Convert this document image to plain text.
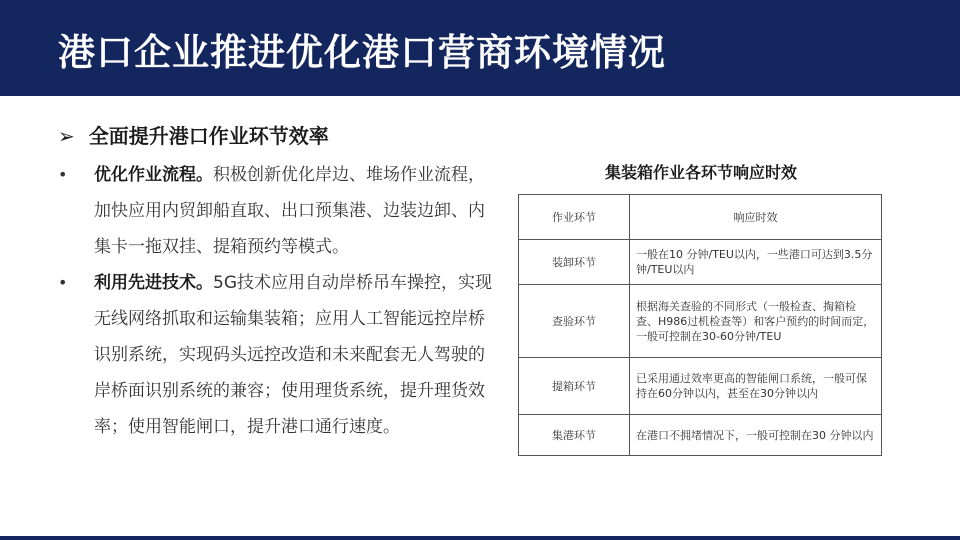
港口企业推进优化港口营商环境情况
➢ 全面提升港口作业环节效率
• 优化作业流程。积极创新优化岸边、堆场作业流程，加快应用内贸卸船直取、出口预集港、边装边卸、内集卡一拖双挂、提箱预约等模式。
• 利用先进技术。5G技术应用自动岸桥吊车操控，实现无线网络抓取和运输集装箱；应用人工智能远控岸桥识别系统，实现码头远控改造和未来配套无人驾驶的岸桥面识别系统的兼容；使用理货系统，提升理货效率；使用智能闸口，提升港口通行速度。
集装箱作业各环节响应时效
作业环节	响应时效
装卸环节	一般在10 分钟/TEU以内，一些港口可达到3.5分钟/TEU以内
查验环节	根据海关查验的不同形式（一般检查、掏箱检查、H986过机检查等）和客户预约的时间而定，一般可控制在30-60分钟/TEU
提箱环节	已采用通过效率更高的智能闸口系统，一般可保持在60分钟以内，甚至在30分钟以内
集港环节	在港口不拥堵情况下，一般可控制在30 分钟以内
